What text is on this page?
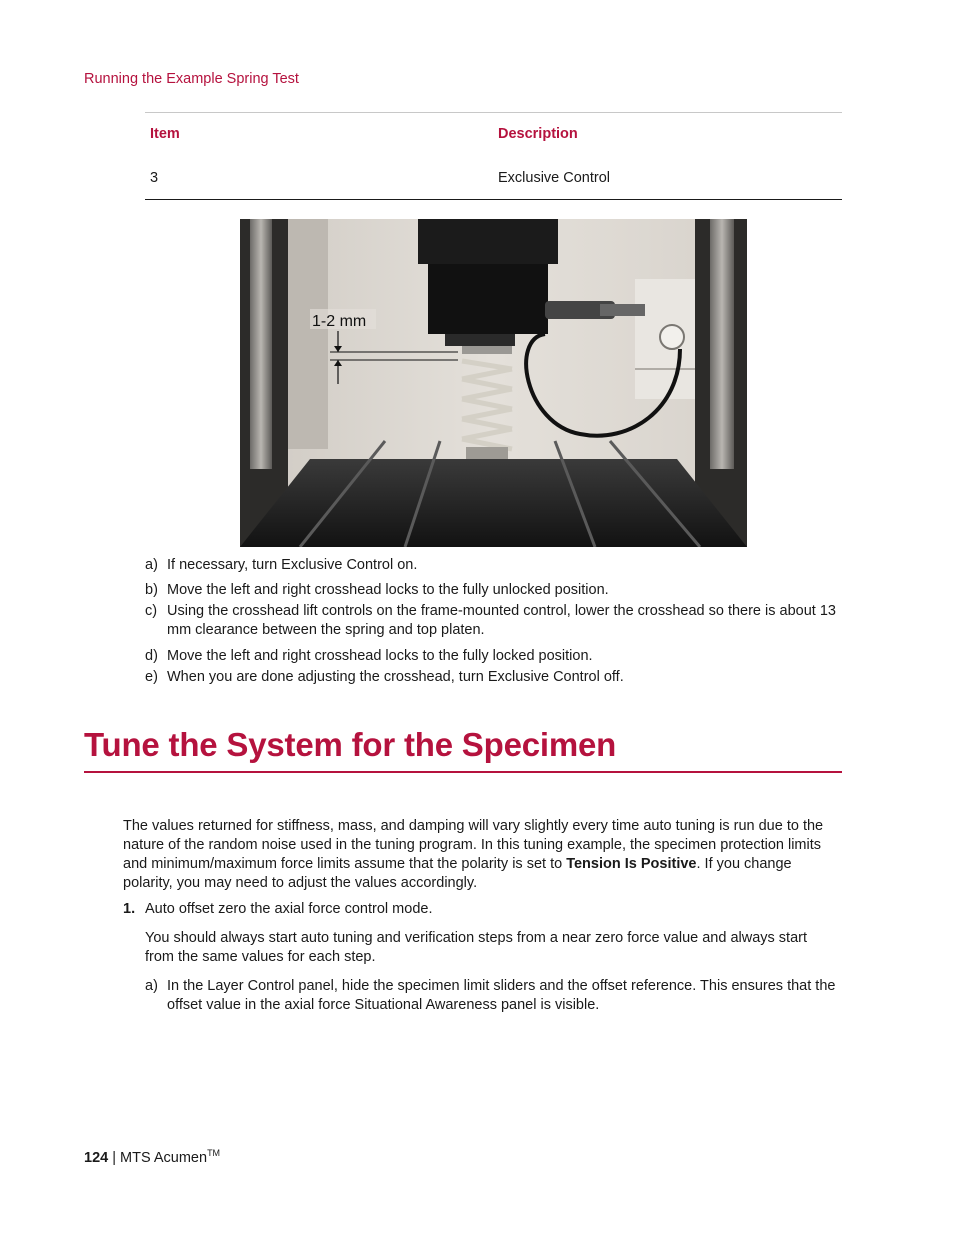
Running the Example Spring Test
Item	Description
3	Exclusive Control
1-2 mm
a) If necessary, turn Exclusive Control on.
b) Move the left and right crosshead locks to the fully unlocked position.
c) Using the crosshead lift controls on the frame-mounted control, lower the crosshead so there is about 13 mm clearance between the spring and top platen.
d) Move the left and right crosshead locks to the fully locked position.
e) When you are done adjusting the crosshead, turn Exclusive Control off.
Tune the System for the Specimen
The values returned for stiffness, mass, and damping will vary slightly every time auto tuning is run due to the nature of the random noise used in the tuning program. In this tuning example, the specimen protection limits and minimum/maximum force limits assume that the polarity is set to Tension Is Positive. If you change polarity, you may need to adjust the values accordingly.
1. Auto offset zero the axial force control mode.
You should always start auto tuning and verification steps from a near zero force value and always start from the same values for each step.
a) In the Layer Control panel, hide the specimen limit sliders and the offset reference. This ensures that the offset value in the axial force Situational Awareness panel is visible.
124 | MTS Acumen™
